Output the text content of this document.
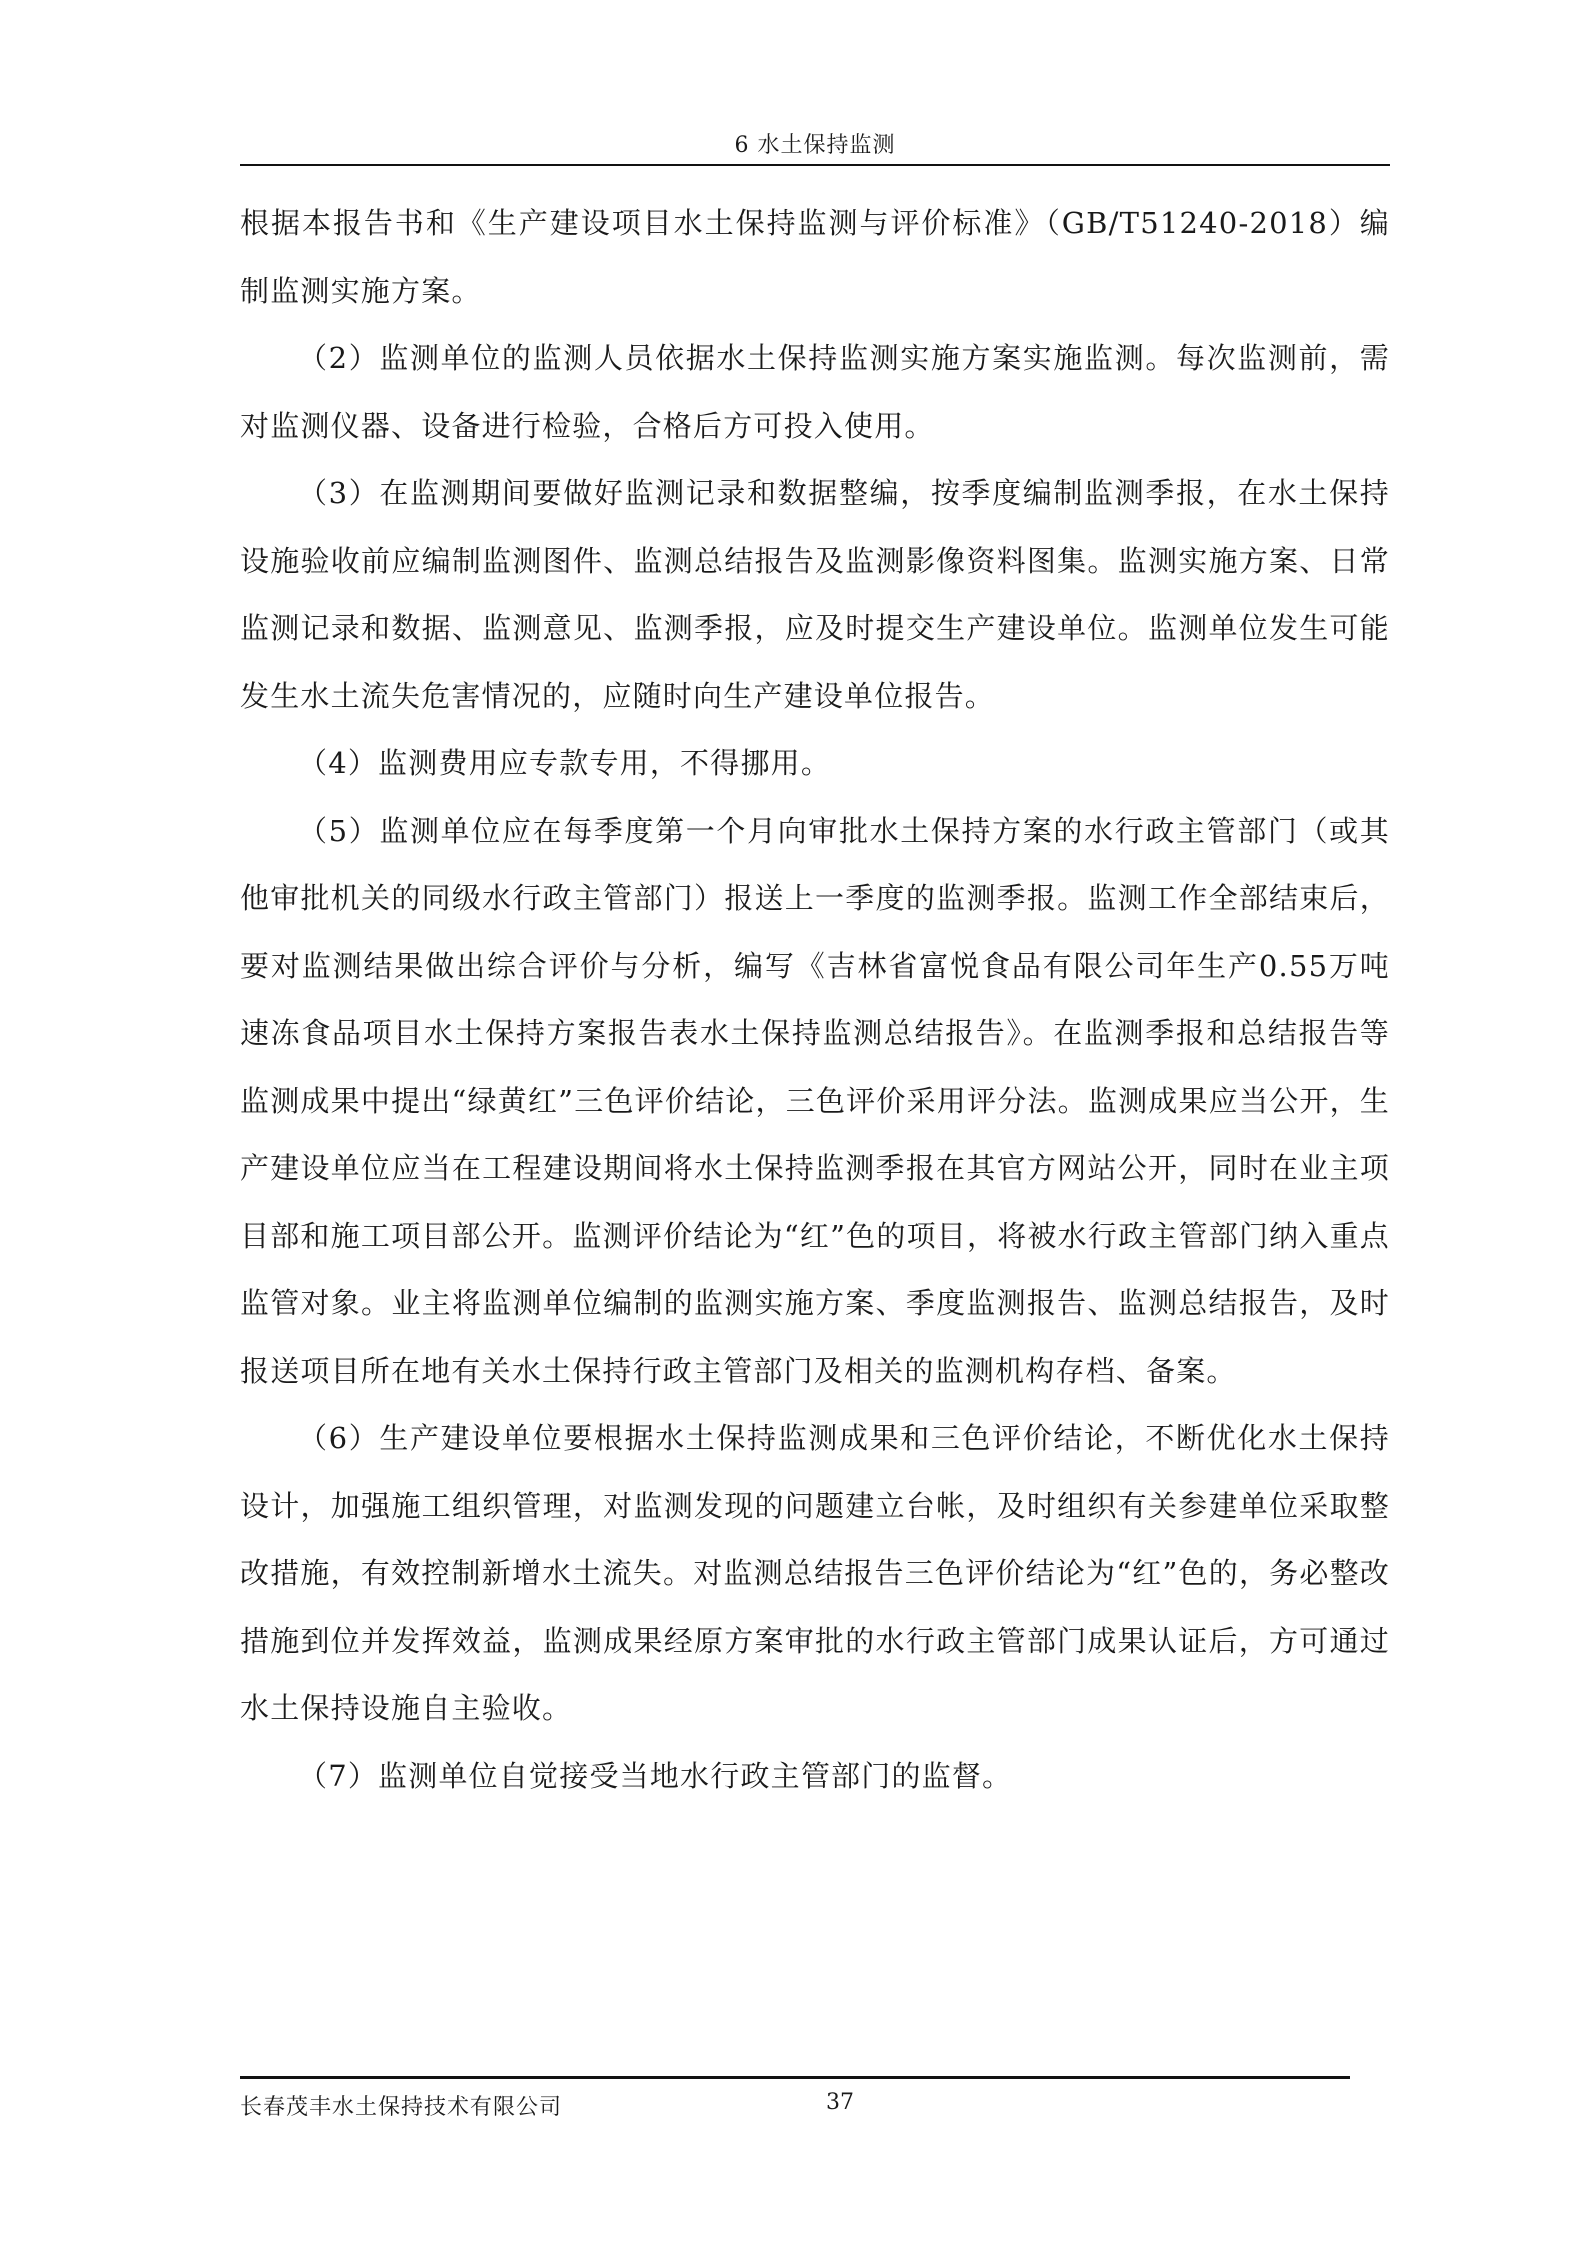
6 水土保持监测

根据本报告书和《生产建设项目水土保持监测与评价标准》（GB/T51240-2018）编制监测实施方案。

（2）监测单位的监测人员依据水土保持监测实施方案实施监测。每次监测前，需对监测仪器、设备进行检验，合格后方可投入使用。

（3）在监测期间要做好监测记录和数据整编，按季度编制监测季报，在水土保持设施验收前应编制监测图件、监测总结报告及监测影像资料图集。监测实施方案、日常监测记录和数据、监测意见、监测季报，应及时提交生产建设单位。监测单位发生可能发生水土流失危害情况的，应随时向生产建设单位报告。

（4）监测费用应专款专用，不得挪用。

（5）监测单位应在每季度第一个月向审批水土保持方案的水行政主管部门（或其他审批机关的同级水行政主管部门）报送上一季度的监测季报。监测工作全部结束后，要对监测结果做出综合评价与分析，编写《吉林省富悦食品有限公司年生产0.55万吨速冻食品项目水土保持方案报告表水土保持监测总结报告》。在监测季报和总结报告等监测成果中提出“绿黄红”三色评价结论，三色评价采用评分法。监测成果应当公开，生产建设单位应当在工程建设期间将水土保持监测季报在其官方网站公开，同时在业主项目部和施工项目部公开。监测评价结论为“红”色的项目，将被水行政主管部门纳入重点监管对象。业主将监测单位编制的监测实施方案、季度监测报告、监测总结报告，及时报送项目所在地有关水土保持行政主管部门及相关的监测机构存档、备案。

（6）生产建设单位要根据水土保持监测成果和三色评价结论，不断优化水土保持设计，加强施工组织管理，对监测发现的问题建立台帐，及时组织有关参建单位采取整改措施，有效控制新增水土流失。对监测总结报告三色评价结论为“红”色的，务必整改措施到位并发挥效益，监测成果经原方案审批的水行政主管部门成果认证后，方可通过水土保持设施自主验收。

（7）监测单位自觉接受当地水行政主管部门的监督。

长春茂丰水土保持技术有限公司	37
